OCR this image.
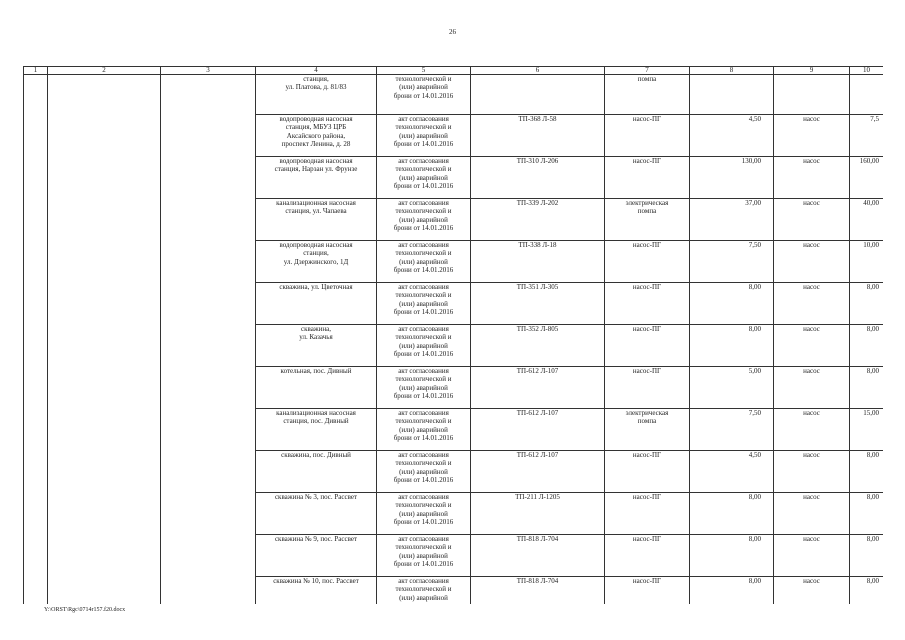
26
1	2	3	4	5	6	7	8	9	10
			станция,
ул. Платова, д. 81/83	технологической и
(или) аварийной
брони от 14.01.2016		помпа			
			водопроводная насосная
станция, МБУЗ ЦРБ
Аксайского района,
проспект Ленина, д. 28	акт согласования
технологической и
(или) аварийной
брони от 14.01.2016	ТП-368 Л-58	насос-ПГ	4,50	насос	7,5
			водопроводная насосная
станция, Нарзан ул. Фрунзе	акт согласования
технологической и
(или) аварийной
брони от 14.01.2016	ТП-310 Л-206	насос-ПГ	130,00	насос	160,00
			канализационная насосная
станция, ул. Чапаева	акт согласования
технологической и
(или) аварийной
брони от 14.01.2016	ТП-339 Л-202	электрическая
помпа	37,00	насос	40,00
			водопроводная насосная
станция,
ул. Дзержинского, 1Д	акт согласования
технологической и
(или) аварийной
брони от 14.01.2016	ТП-338 Л-18	насос-ПГ	7,50	насос	10,00
			скважина, ул. Цветочная	акт согласования
технологической и
(или) аварийной
брони от 14.01.2016	ТП-351 Л-305	насос-ПГ	8,00	насос	8,00
			скважина,
ул. Казачья	акт согласования
технологической и
(или) аварийной
брони от 14.01.2016	ТП-352 Л-805	насос-ПГ	8,00	насос	8,00
			котельная, пос. Дивный	акт согласования
технологической и
(или) аварийной
брони от 14.01.2016	ТП-612 Л-107	насос-ПГ	5,00	насос	8,00
			канализационная насосная
станция, пос. Дивный	акт согласования
технологической и
(или) аварийной
брони от 14.01.2016	ТП-612 Л-107	электрическая
помпа	7,50	насос	15,00
			скважина, пос. Дивный	акт согласования
технологической и
(или) аварийной
брони от 14.01.2016	ТП-612 Л-107	насос-ПГ	4,50	насос	8,00
			скважина № 3, пос. Рассвет	акт согласования
технологической и
(или) аварийной
брони от 14.01.2016	ТП-211 Л-1205	насос-ПГ	8,00	насос	8,00
			скважина № 9, пос. Рассвет	акт согласования
технологической и
(или) аварийной
брони от 14.01.2016	ТП-818 Л-704	насос-ПГ	8,00	насос	8,00
			скважина № 10, пос. Рассвет	акт согласования
технологической и
(или) аварийной	ТП-818 Л-704	насос-ПГ	8,00	насос	8,00
Y:\ORST\Rgc\0714r157.f20.docx
